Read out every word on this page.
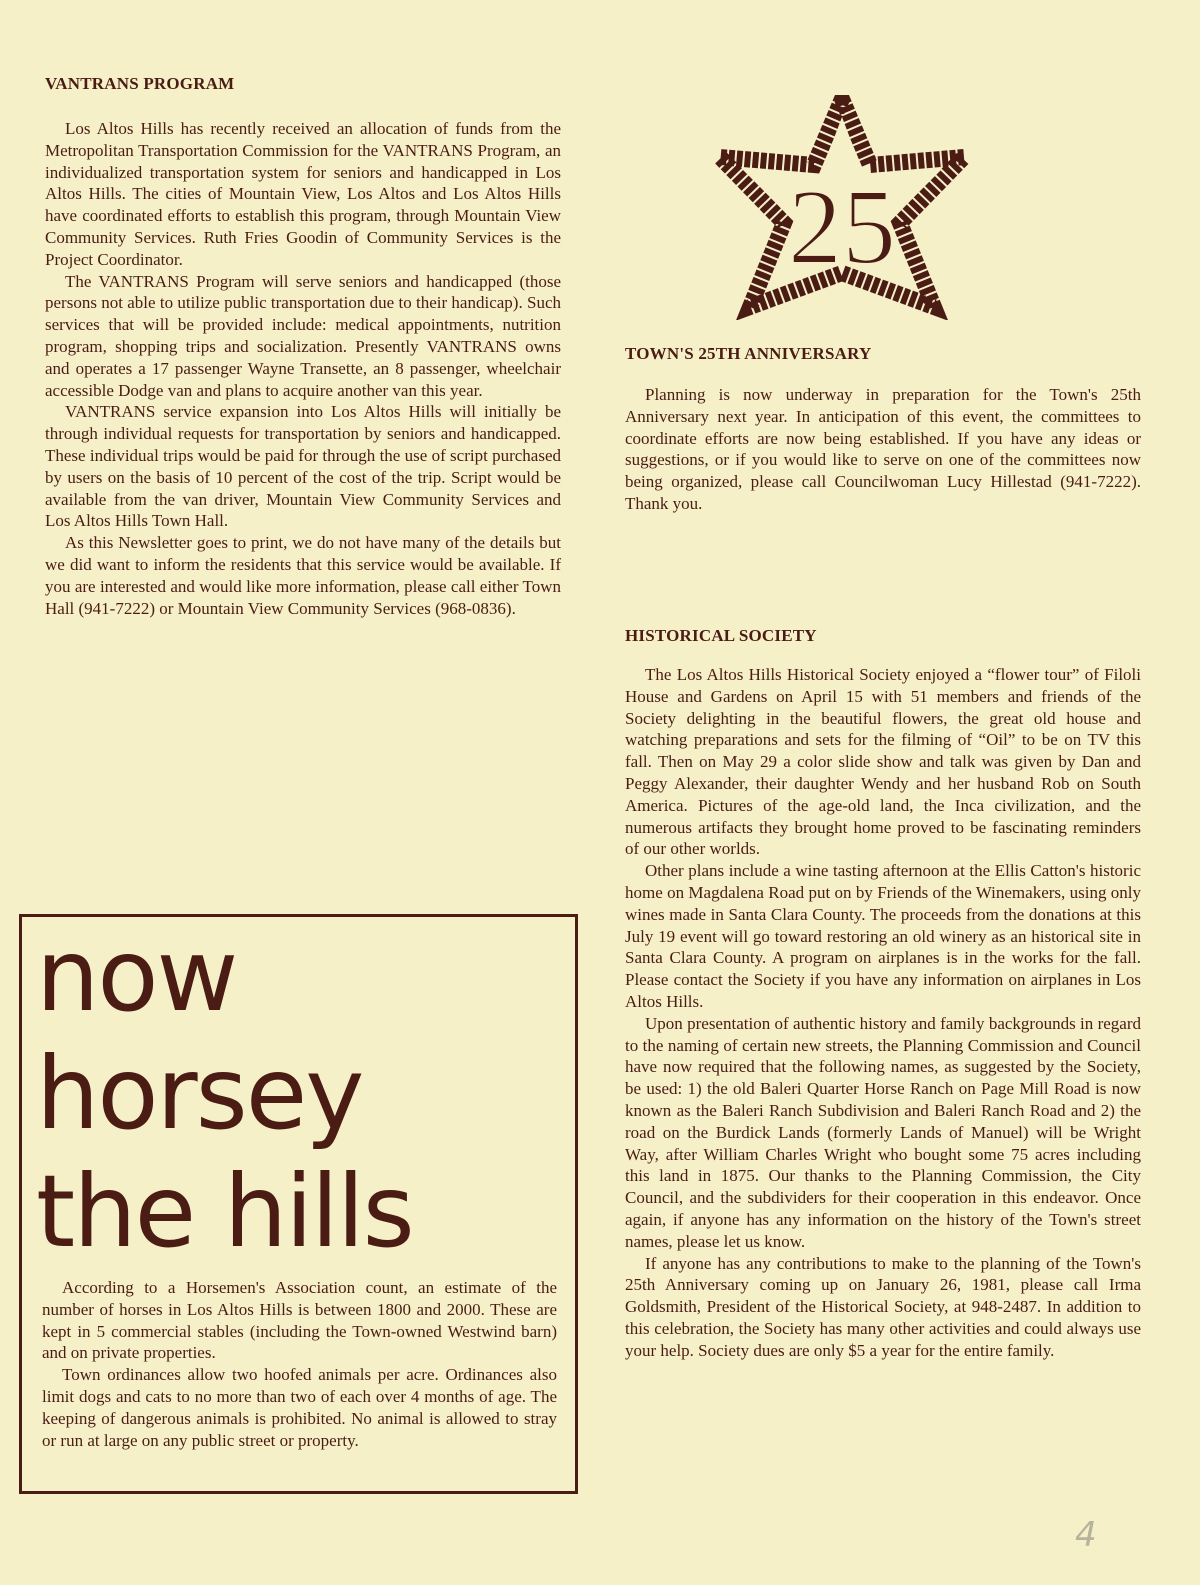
VANTRANS PROGRAM

Los Altos Hills has recently received an allocation of funds from the Metropolitan Transportation Commission for the VANTRANS Program, an individualized transportation system for seniors and handicapped in Los Altos Hills. The cities of Mountain View, Los Altos and Los Altos Hills have coordinated efforts to establish this program, through Mountain View Community Services. Ruth Fries Goodin of Community Services is the Project Coordinator.

The VANTRANS Program will serve seniors and handicapped (those persons not able to utilize public transportation due to their handicap). Such services that will be provided include: medical appointments, nutrition program, shopping trips and socialization. Presently VANTRANS owns and operates a 17 passenger Wayne Transette, an 8 passenger, wheelchair accessible Dodge van and plans to acquire another van this year.

VANTRANS service expansion into Los Altos Hills will initially be through individual requests for transportation by seniors and handicapped. These individual trips would be paid for through the use of script purchased by users on the basis of 10 percent of the cost of the trip. Script would be available from the van driver, Mountain View Community Services and Los Altos Hills Town Hall.

As this Newsletter goes to print, we do not have many of the details but we did want to inform the residents that this service would be available. If you are interested and would like more information, please call either Town Hall (941-7222) or Mountain View Community Services (968-0836).

25
TOWN'S 25TH ANNIVERSARY

Planning is now underway in preparation for the Town's 25th Anniversary next year. In anticipation of this event, the committees to coordinate efforts are now being established. If you have any ideas or suggestions, or if you would like to serve on one of the committees now being organized, please call Councilwoman Lucy Hillestad (941-7222). Thank you.

HISTORICAL SOCIETY

The Los Altos Hills Historical Society enjoyed a “flower tour” of Filoli House and Gardens on April 15 with 51 members and friends of the Society delighting in the beautiful flowers, the great old house and watching preparations and sets for the filming of “Oil” to be on TV this fall. Then on May 29 a color slide show and talk was given by Dan and Peggy Alexander, their daughter Wendy and her husband Rob on South America. Pictures of the age-old land, the Inca civilization, and the numerous artifacts they brought home proved to be fascinating reminders of our other worlds.

Other plans include a wine tasting afternoon at the Ellis Catton's historic home on Magdalena Road put on by Friends of the Winemakers, using only wines made in Santa Clara County. The proceeds from the donations at this July 19 event will go toward restoring an old winery as an historical site in Santa Clara County. A program on airplanes is in the works for the fall. Please contact the Society if you have any information on airplanes in Los Altos Hills.

Upon presentation of authentic history and family backgrounds in regard to the naming of certain new streets, the Planning Commission and Council have now required that the following names, as suggested by the Society, be used: 1) the old Baleri Quarter Horse Ranch on Page Mill Road is now known as the Baleri Ranch Subdivision and Baleri Ranch Road and 2) the road on the Burdick Lands (formerly Lands of Manuel) will be Wright Way, after William Charles Wright who bought some 75 acres including this land in 1875. Our thanks to the Planning Commission, the City Council, and the subdividers for their cooperation in this endeavor. Once again, if anyone has any information on the history of the Town's street names, please let us know.

If anyone has any contributions to make to the planning of the Town's 25th Anniversary coming up on January 26, 1981, please call Irma Goldsmith, President of the Historical Society, at 948-2487. In addition to this celebration, the Society has many other activities and could always use your help. Society dues are only $5 a year for the entire family.

now
horsey
the hills

According to a Horsemen's Association count, an estimate of the number of horses in Los Altos Hills is between 1800 and 2000. These are kept in 5 commercial stables (including the Town-owned Westwind barn) and on private properties.

Town ordinances allow two hoofed animals per acre. Ordinances also limit dogs and cats to no more than two of each over 4 months of age. The keeping of dangerous animals is prohibited. No animal is allowed to stray or run at large on any public street or property.

4
